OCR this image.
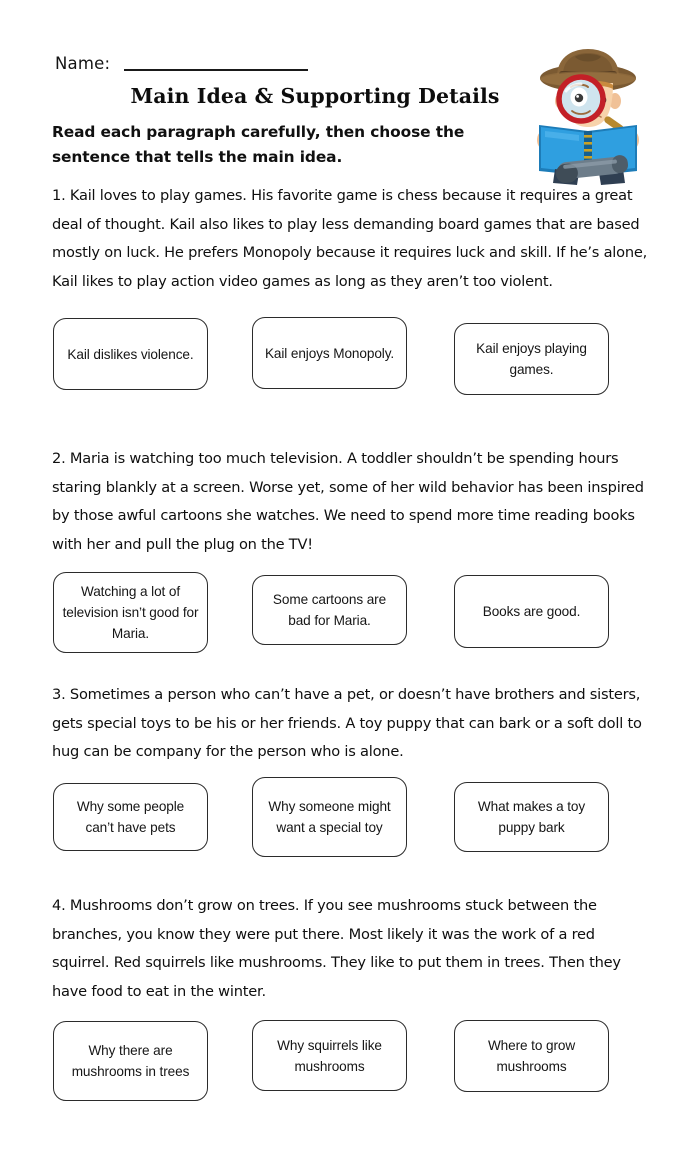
Name:
Main Idea & Supporting Details
Read each paragraph carefully, then choose the sentence that tells the main idea.

1. Kail loves to play games. His favorite game is chess because it requires a great deal of thought. Kail also likes to play less demanding board games that are based mostly on luck. He prefers Monopoly because it requires luck and skill. If he’s alone, Kail likes to play action video games as long as they aren’t too violent.

Kail dislikes violence.	Kail enjoys Monopoly.	Kail enjoys playing games.

2. Maria is watching too much television. A toddler shouldn’t be spending hours staring blankly at a screen. Worse yet, some of her wild behavior has been inspired by those awful cartoons she watches. We need to spend more time reading books with her and pull the plug on the TV!

Watching a lot of television isn’t good for Maria.
Some cartoons are bad for Maria.
Books are good.

3. Sometimes a person who can’t have a pet, or doesn’t have brothers and sisters, gets special toys to be his or her friends. A toy puppy that can bark or a soft doll to hug can be company for the person who is alone.

Why some people can’t have pets
Why someone might want a special toy
What makes a toy puppy bark

4. Mushrooms don’t grow on trees. If you see mushrooms stuck between the branches, you know they were put there. Most likely it was the work of a red squirrel. Red squirrels like mushrooms. They like to put them in trees. Then they have food to eat in the winter.

Why there are mushrooms in trees
Why squirrels like mushrooms
Where to grow mushrooms
